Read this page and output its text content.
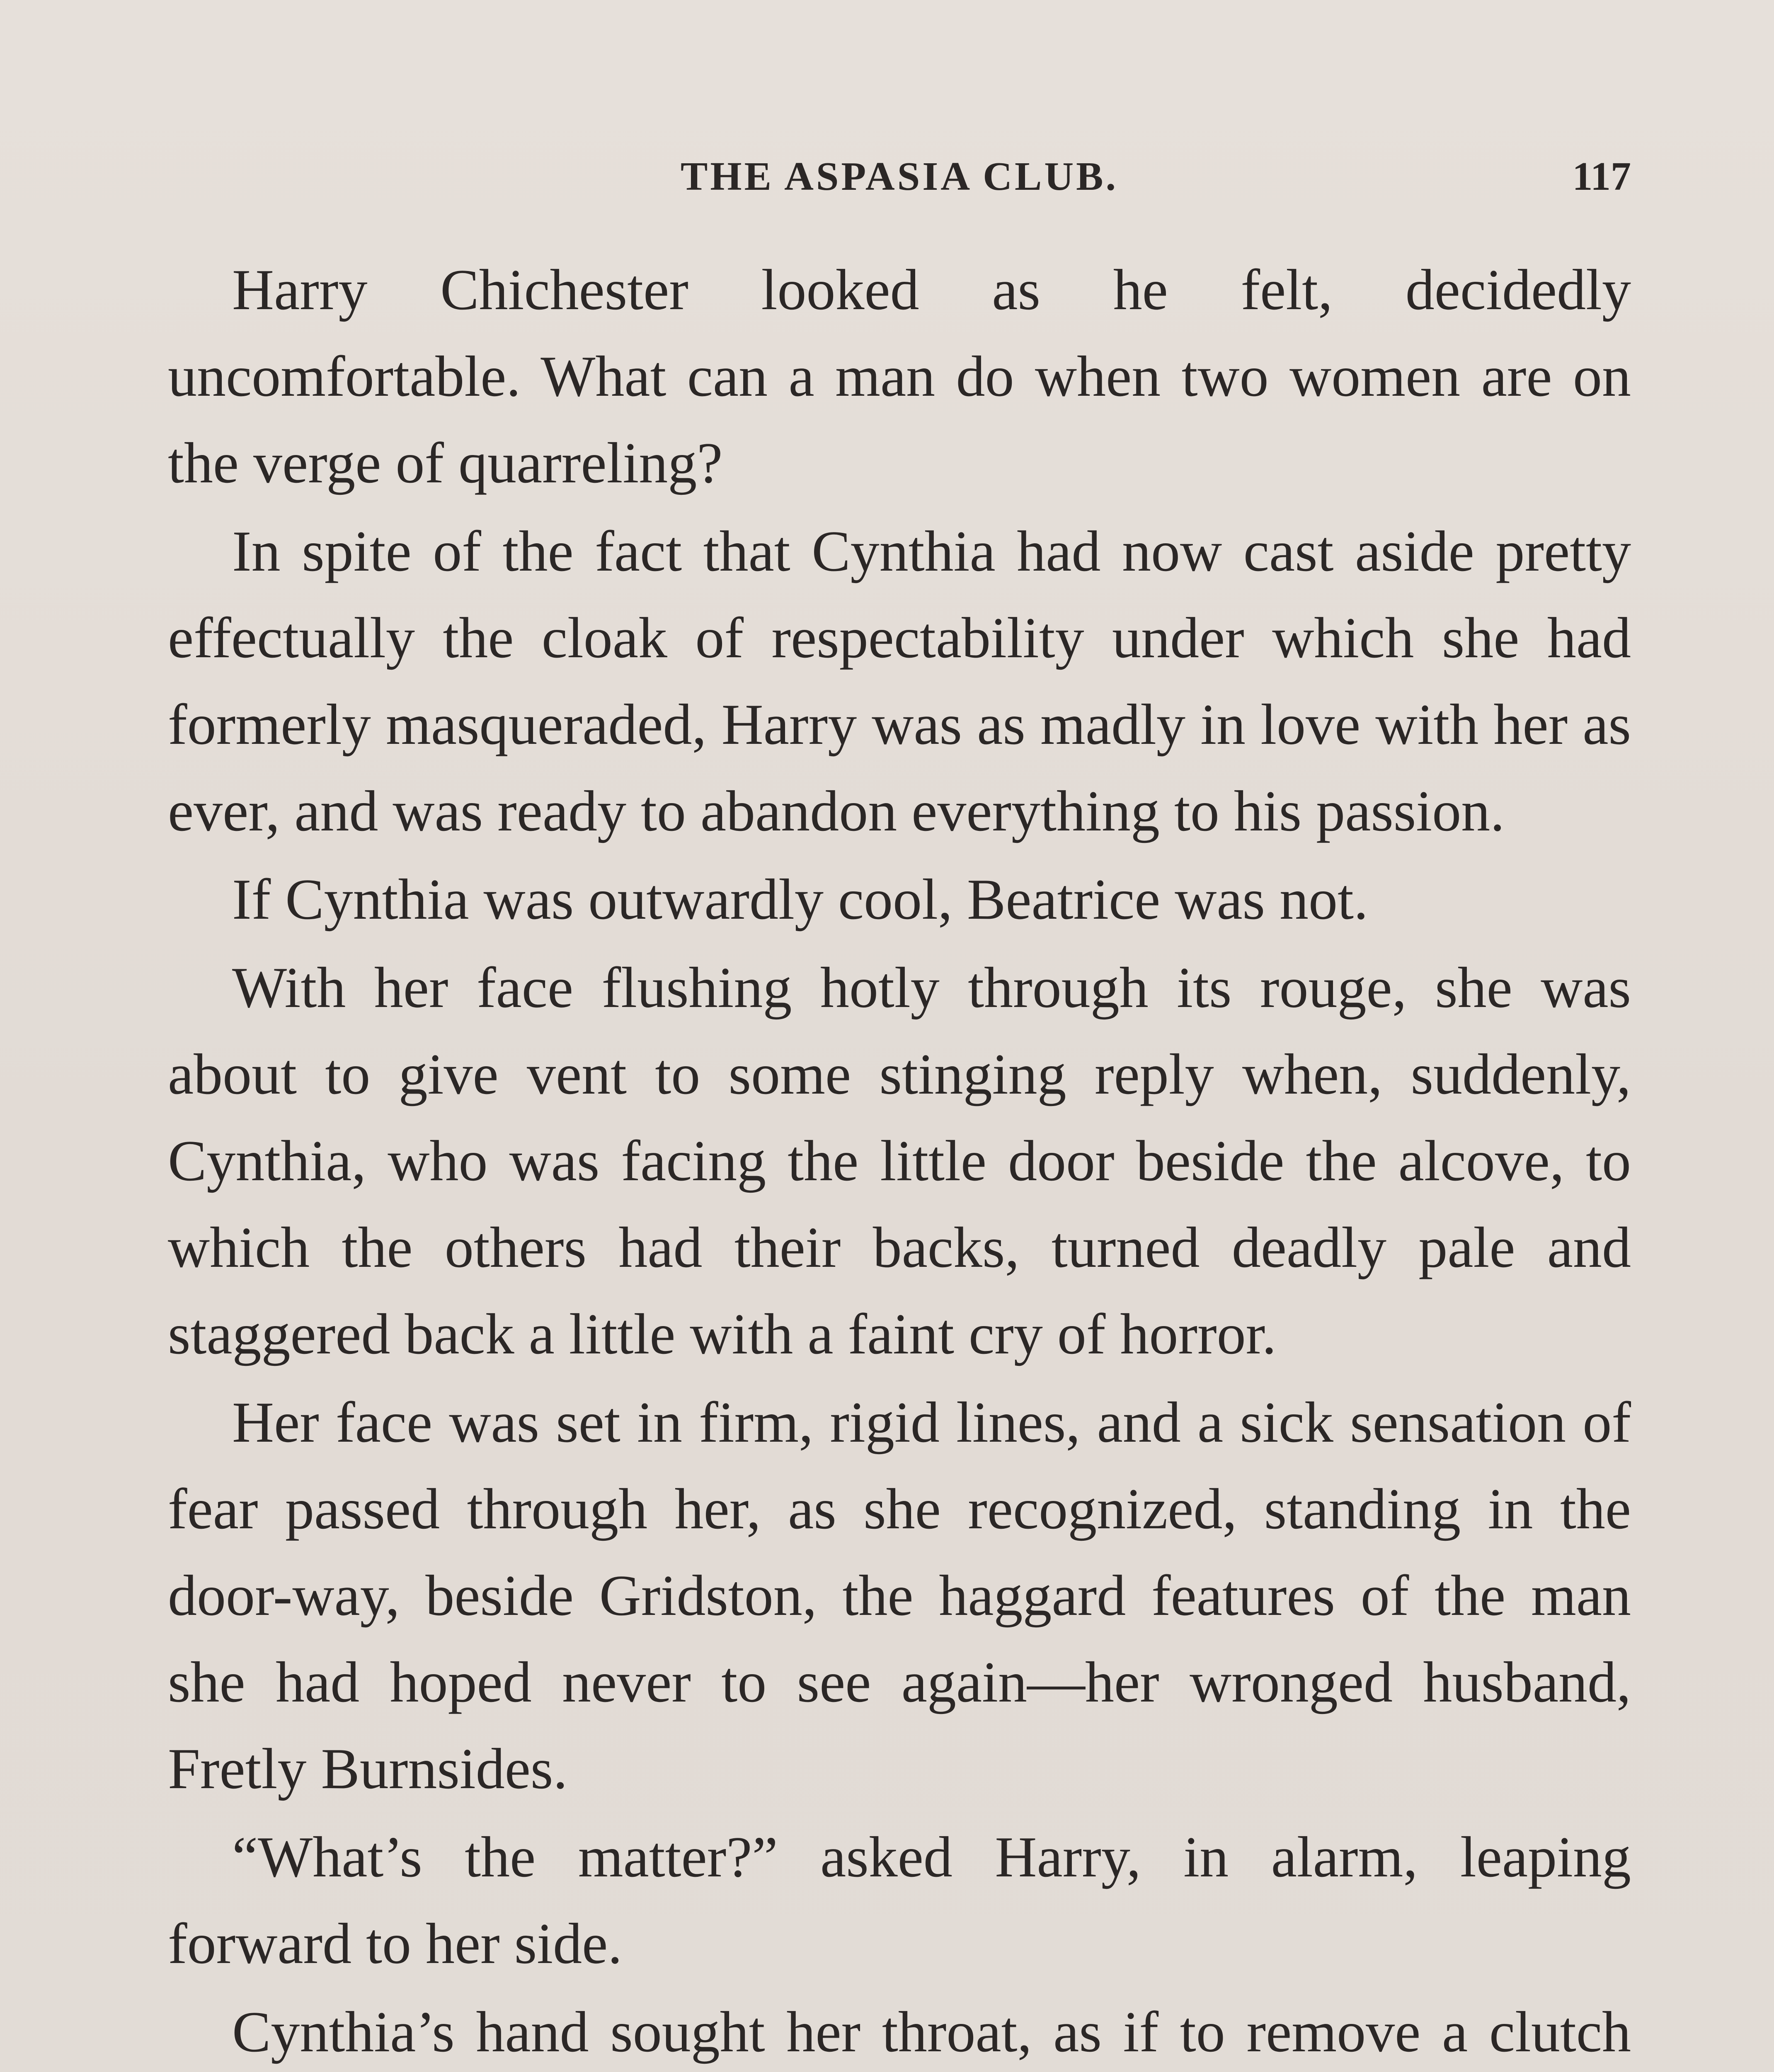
THE ASPASIA CLUB.	117

Harry Chichester looked as he felt, decidedly uncomfortable. What can a man do when two women are on the verge of quarreling?

In spite of the fact that Cynthia had now cast aside pretty effectually the cloak of respectability under which she had formerly masqueraded, Harry was as madly in love with her as ever, and was ready to abandon everything to his passion.

If Cynthia was outwardly cool, Beatrice was not.

With her face flushing hotly through its rouge, she was about to give vent to some stinging reply when, suddenly, Cynthia, who was facing the little door beside the alcove, to which the others had their backs, turned deadly pale and staggered back a little with a faint cry of horror.

Her face was set in firm, rigid lines, and a sick sensation of fear passed through her, as she recognized, standing in the door-way, beside Gridston, the haggard features of the man she had hoped never to see again—her wronged husband, Fretly Burnsides.

“What’s the matter?” asked Harry, in alarm, leaping forward to her side.

Cynthia’s hand sought her throat, as if to remove a clutch
